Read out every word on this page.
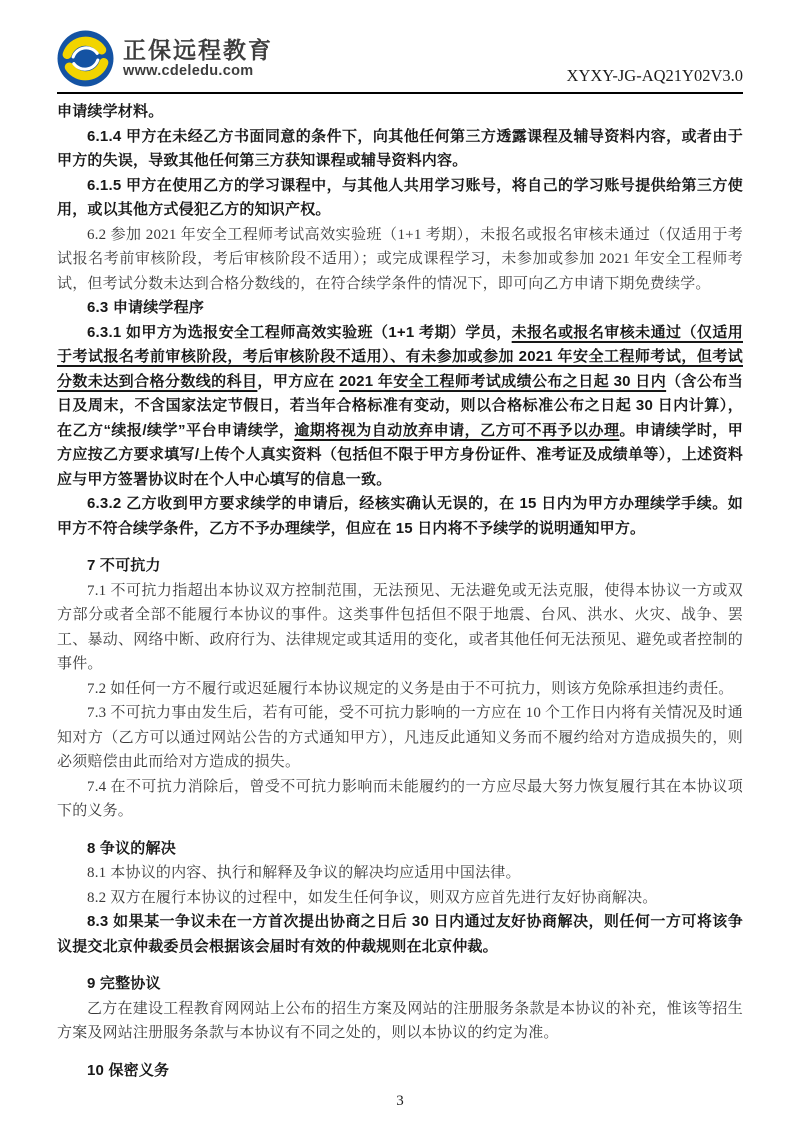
正保远程教育
www.cdeledu.com	XYXY-JG-AQ21Y02V3.0

申请续学材料。

6.1.4 甲方在未经乙方书面同意的条件下，向其他任何第三方透露课程及辅导资料内容，或者由于甲方的失误，导致其他任何第三方获知课程或辅导资料内容。

6.1.5 甲方在使用乙方的学习课程中，与其他人共用学习账号，将自己的学习账号提供给第三方使用，或以其他方式侵犯乙方的知识产权。

6.2 参加 2021 年安全工程师考试高效实验班（1+1 考期），未报名或报名审核未通过（仅适用于考试报名考前审核阶段，考后审核阶段不适用）；或完成课程学习，未参加或参加 2021 年安全工程师考试，但考试分数未达到合格分数线的，在符合续学条件的情况下，即可向乙方申请下期免费续学。

6.3 申请续学程序

6.3.1 如甲方为选报安全工程师高效实验班（1+1 考期）学员，未报名或报名审核未通过（仅适用于考试报名考前审核阶段，考后审核阶段不适用）、有未参加或参加 2021 年安全工程师考试，但考试分数未达到合格分数线的科目，甲方应在 2021 年安全工程师考试成绩公布之日起 30 日内（含公布当日及周末，不含国家法定节假日，若当年合格标准有变动，则以合格标准公布之日起 30 日内计算），在乙方“续报/续学”平台申请续学，逾期将视为自动放弃申请，乙方可不再予以办理。申请续学时，甲方应按乙方要求填写/上传个人真实资料（包括但不限于甲方身份证件、准考证及成绩单等），上述资料应与甲方签署协议时在个人中心填写的信息一致。

6.3.2 乙方收到甲方要求续学的申请后，经核实确认无误的，在 15 日内为甲方办理续学手续。如甲方不符合续学条件，乙方不予办理续学，但应在 15 日内将不予续学的说明通知甲方。

7 不可抗力

7.1 不可抗力指超出本协议双方控制范围，无法预见、无法避免或无法克服，使得本协议一方或双方部分或者全部不能履行本协议的事件。这类事件包括但不限于地震、台风、洪水、火灾、战争、罢工、暴动、网络中断、政府行为、法律规定或其适用的变化，或者其他任何无法预见、避免或者控制的事件。

7.2 如任何一方不履行或迟延履行本协议规定的义务是由于不可抗力，则该方免除承担违约责任。

7.3 不可抗力事由发生后，若有可能，受不可抗力影响的一方应在 10 个工作日内将有关情况及时通知对方（乙方可以通过网站公告的方式通知甲方），凡违反此通知义务而不履约给对方造成损失的，则必须赔偿由此而给对方造成的损失。

7.4 在不可抗力消除后，曾受不可抗力影响而未能履约的一方应尽最大努力恢复履行其在本协议项下的义务。

8 争议的解决

8.1 本协议的内容、执行和解释及争议的解决均应适用中国法律。

8.2 双方在履行本协议的过程中，如发生任何争议，则双方应首先进行友好协商解决。

8.3 如果某一争议未在一方首次提出协商之日后 30 日内通过友好协商解决，则任何一方可将该争议提交北京仲裁委员会根据该会届时有效的仲裁规则在北京仲裁。

9 完整协议

乙方在建设工程教育网网站上公布的招生方案及网站的注册服务条款是本协议的补充，惟该等招生方案及网站注册服务条款与本协议有不同之处的，则以本协议的约定为准。

10 保密义务

3
